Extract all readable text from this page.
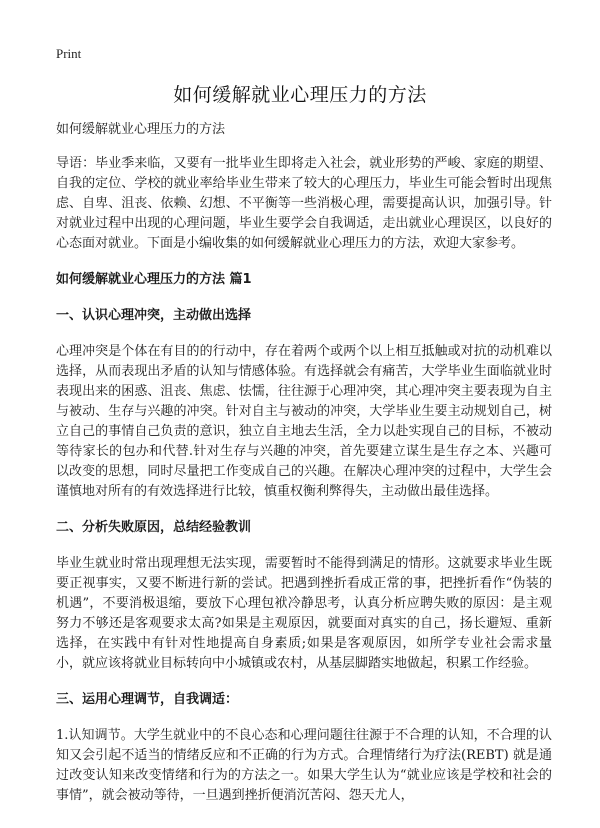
Print
如何缓解就业心理压力的方法
如何缓解就业心理压力的方法

导语：毕业季来临，又要有一批毕业生即将走入社会，就业形势的严峻、家庭的期望、自我的定位、学校的就业率给毕业生带来了较大的心理压力，毕业生可能会暂时出现焦虑、自卑、沮丧、依赖、幻想、不平衡等一些消极心理，需要提高认识，加强引导。针对就业过程中出现的心理问题，毕业生要学会自我调适，走出就业心理误区，以良好的心态面对就业。下面是小编收集的如何缓解就业心理压力的方法，欢迎大家参考。

如何缓解就业心理压力的方法 篇1
一、认识心理冲突，主动做出选择

心理冲突是个体在有目的的行动中，存在着两个或两个以上相互抵触或对抗的动机难以选择，从而表现出矛盾的认知与情感体验。有选择就会有痛苦，大学毕业生面临就业时表现出来的困惑、沮丧、焦虑、怯懦，往往源于心理冲突，其心理冲突主要表现为自主与被动、生存与兴趣的冲突。针对自主与被动的冲突，大学毕业生要主动规划自己，树立自己的事情自己负责的意识，独立自主地去生活，全力以赴实现自己的目标，不被动等待家长的包办和代替.针对生存与兴趣的冲突，首先要建立谋生是生存之本、兴趣可以改变的思想，同时尽量把工作变成自己的兴趣。在解决心理冲突的过程中，大学生会谨慎地对所有的有效选择进行比较，慎重权衡利弊得失，主动做出最佳选择。

二、分析失败原因，总结经验教训

毕业生就业时常出现理想无法实现，需要暂时不能得到满足的情形。这就要求毕业生既要正视事实，又要不断进行新的尝试。把遇到挫折看成正常的事，把挫折看作“伪装的机遇”，不要消极退缩，要放下心理包袱冷静思考，认真分析应聘失败的原因：是主观努力不够还是客观要求太高?如果是主观原因，就要面对真实的自己，扬长避短、重新选择，在实践中有针对性地提高自身素质;如果是客观原因，如所学专业社会需求量小，就应该将就业目标转向中小城镇或农村，从基层脚踏实地做起，积累工作经验。

三、运用心理调节，自我调适：

1.认知调节。大学生就业中的不良心态和心理问题往往源于不合理的认知，不合理的认知又会引起不适当的情绪反应和不正确的行为方式。合理情绪行为疗法(REBT) 就是通过改变认知来改变情绪和行为的方法之一。如果大学生认为“就业应该是学校和社会的事情”，就会被动等待，一旦遇到挫折便消沉苦闷、怨天尤人，
